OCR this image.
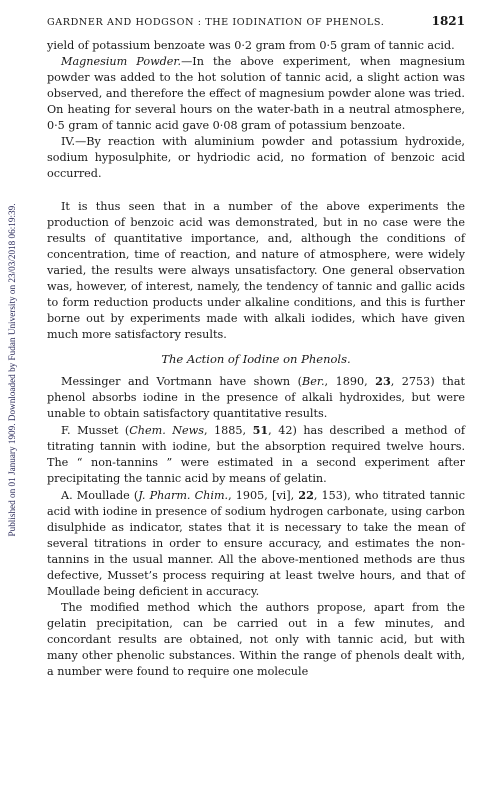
Published on 01 January 1909. Downloaded by Fudan University on 23/03/2018 06:19:39.
GARDNER AND HODGSON : THE IODINATION OF PHENOLS.	1821

yield of potassium benzoate was 0·2 gram from 0·5 gram of tannic acid.

Magnesium Powder.—In the above experiment, when magnesium powder was added to the hot solution of tannic acid, a slight action was observed, and therefore the effect of magnesium powder alone was tried. On heating for several hours on the water-bath in a neutral atmosphere, 0·5 gram of tannic acid gave 0·08 gram of potassium benzoate.

IV.—By reaction with aluminium powder and potassium hydroxide, sodium hyposulphite, or hydriodic acid, no formation of benzoic acid occurred.

It is thus seen that in a number of the above experiments the production of benzoic acid was demonstrated, but in no case were the results of quantitative importance, and, although the conditions of concentration, time of reaction, and nature of atmosphere, were widely varied, the results were always unsatisfactory. One general observation was, however, of interest, namely, the tendency of tannic and gallic acids to form reduction products under alkaline conditions, and this is further borne out by experiments made with alkali iodides, which have given much more satisfactory results.

The Action of Iodine on Phenols.

Messinger and Vortmann have shown (Ber., 1890, 23, 2753) that phenol absorbs iodine in the presence of alkali hydroxides, but were unable to obtain satisfactory quantitative results.

F. Musset (Chem. News, 1885, 51, 42) has described a method of titrating tannin with iodine, but the absorption required twelve hours. The “ non-tannins ” were estimated in a second experiment after precipitating the tannic acid by means of gelatin.

A. Moullade (J. Pharm. Chim., 1905, [vi], 22, 153), who titrated tannic acid with iodine in presence of sodium hydrogen carbonate, using carbon disulphide as indicator, states that it is necessary to take the mean of several titrations in order to ensure accuracy, and estimates the non-tannins in the usual manner. All the above-mentioned methods are thus defective, Musset’s process requiring at least twelve hours, and that of Moullade being deficient in accuracy.

The modified method which the authors propose, apart from the gelatin precipitation, can be carried out in a few minutes, and concordant results are obtained, not only with tannic acid, but with many other phenolic substances. Within the range of phenols dealt with, a number were found to require one molecule
